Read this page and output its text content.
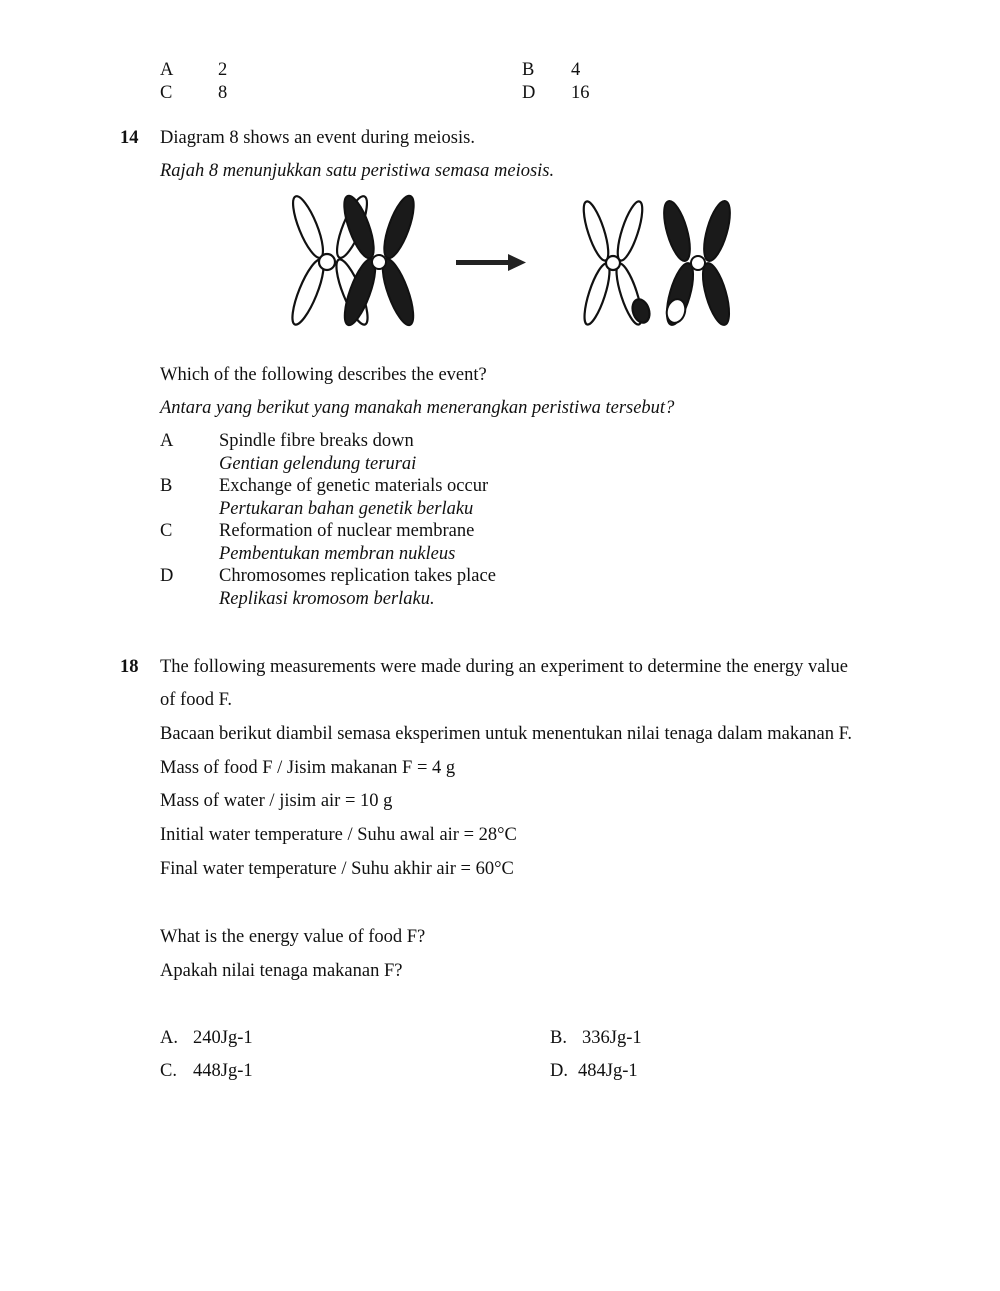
A 2	B 4
C 8	D 16
14 Diagram 8 shows an event during meiosis.
Rajah 8 menunjukkan satu peristiwa semasa meiosis.
Which of the following describes the event?
Antara yang berikut yang manakah menerangkan peristiwa tersebut?
A Spindle fibre breaks down
Gentian gelendung terurai
B	Exchange of genetic materials occur
Pertukaran bahan genetik berlaku
C	Reformation of nuclear membrane
Pembentukan membran nukleus
D Chromosomes replication takes place
Replikasi kromosom berlaku.
18 The following measurements were made during an experiment to determine the energy value
of food F.
Bacaan berikut diambil semasa eksperimen untuk menentukan nilai tenaga dalam makanan F.
Mass of food F / Jisim makanan F = 4 g
Mass of water / jisim air = 10 g
Initial water temperature / Suhu awal air = 28°C
Final water temperature / Suhu akhir air = 60°C
What is the energy value of food F?
Apakah nilai tenaga makanan F?
A. 240Jg-1	B. 336Jg-1
C. 448Jg-1	D. 484Jg-1
